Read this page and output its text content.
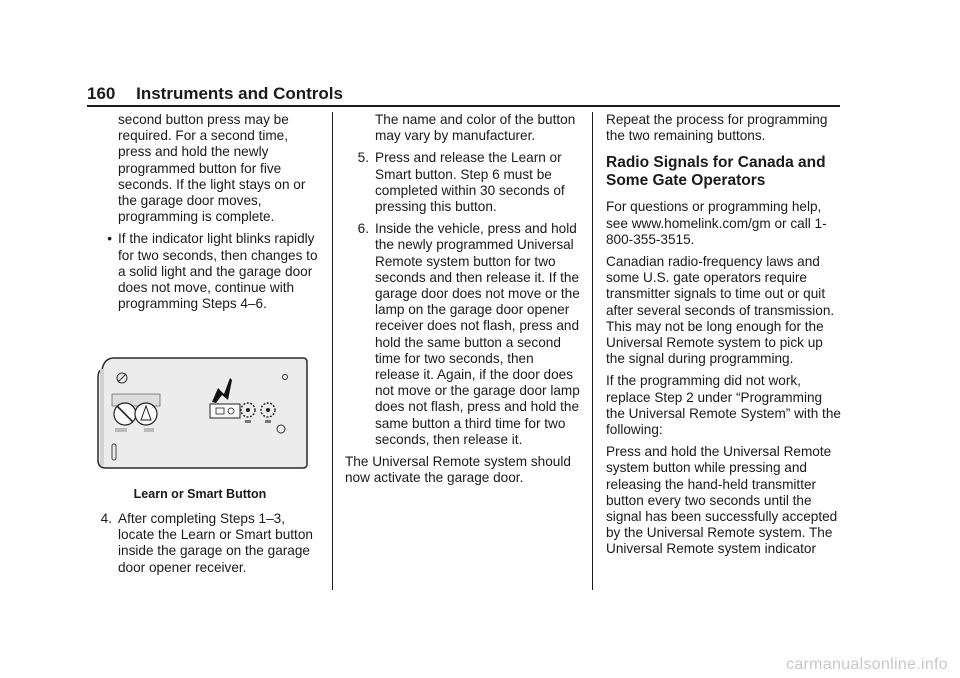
160 Instruments and Controls

second button press may be required. For a second time, press and hold the newly programmed button for five seconds. If the light stays on or the garage door moves, programming is complete.

• If the indicator light blinks rapidly for two seconds, then changes to a solid light and the garage door does not move, continue with programming Steps 4–6.
Learn or Smart Button
4. After completing Steps 1–3, locate the Learn or Smart button inside the garage on the garage door opener receiver.

The name and color of the button may vary by manufacturer.

5. Press and release the Learn or Smart button. Step 6 must be completed within 30 seconds of pressing this button.
6. Inside the vehicle, press and hold the newly programmed Universal Remote system button for two seconds and then release it. If the garage door does not move or the lamp on the garage door opener receiver does not flash, press and hold the same button a second time for two seconds, then release it. Again, if the door does not move or the garage door lamp does not flash, press and hold the same button a third time for two seconds, then release it.

The Universal Remote system should now activate the garage door.

Repeat the process for programming the two remaining buttons.

Radio Signals for Canada and Some Gate Operators

For questions or programming help, see www.homelink.com/gm or call 1-800-355-3515.

Canadian radio-frequency laws and some U.S. gate operators require transmitter signals to time out or quit after several seconds of transmission. This may not be long enough for the Universal Remote system to pick up the signal during programming.

If the programming did not work, replace Step 2 under “Programming the Universal Remote System” with the following:

Press and hold the Universal Remote system button while pressing and releasing the hand-held transmitter button every two seconds until the signal has been successfully accepted by the Universal Remote system. The Universal Remote system indicator

carmanualsonline.info
